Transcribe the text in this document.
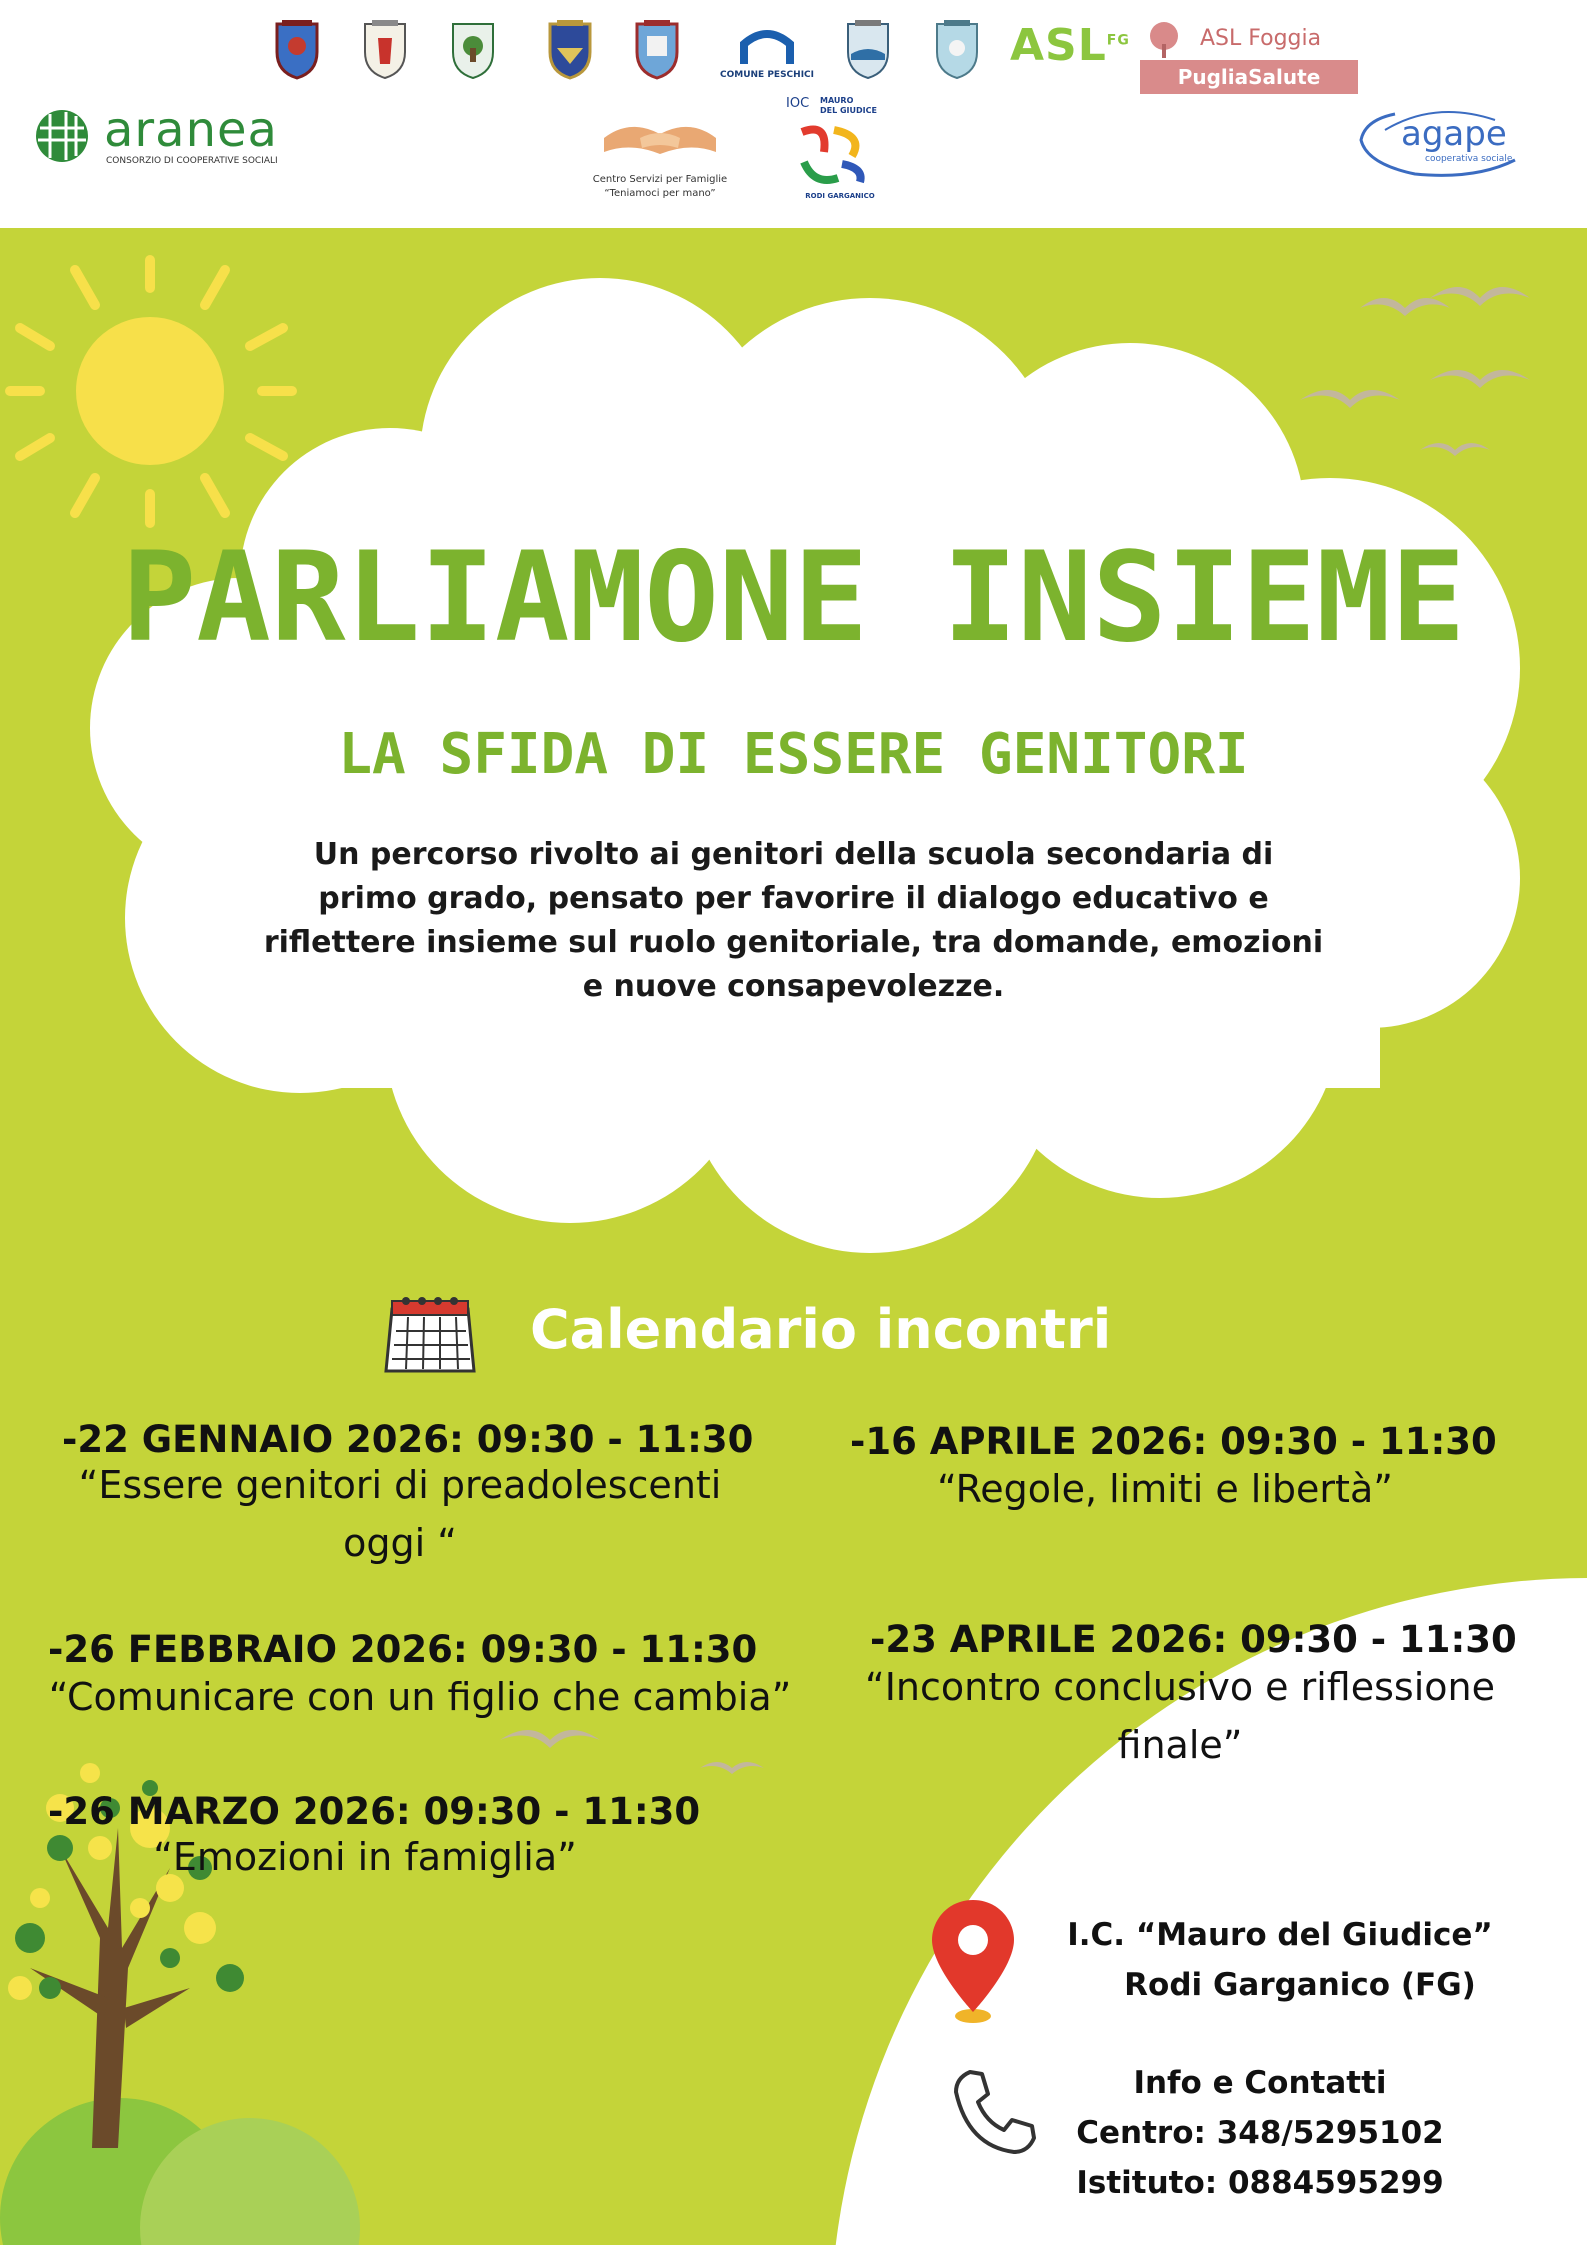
COMUNE PESCHICI
$ASL^{FG}$	ASL Foggia
PugliaSalute
aranea
CONSORZIO DI COOPERATIVE SOCIALI
Centro Servizi per Famiglie
“Teniamoci per mano”
IOC MAURO
DEL GIUDICE
RODI GARGANICO
agape
cooperativa sociale
PARLIAMONE INSIEME
LA SFIDA DI ESSERE GENITORI
Un percorso rivolto ai genitori della scuola secondaria di
primo grado, pensato per favorire il dialogo educativo e
riflettere insieme sul ruolo genitoriale, tra domande, emozioni
e nuove consapevolezze.
Calendario incontri
-22 GENNAIO 2026: 09:30 - 11:30
“Essere genitori di preadolescenti
oggi “
-26 FEBBRAIO 2026: 09:30 - 11:30
“Comunicare con un figlio che cambia”
-26 MARZO 2026: 09:30 - 11:30
“Emozioni in famiglia”
-16 APRILE 2026: 09:30 - 11:30
“Regole, limiti e libertà”
-23 APRILE 2026: 09:30 - 11:30
“Incontro conclusivo e riflessione
finale”
I.C. “Mauro del Giudice”
Rodi Garganico (FG)
Info e Contatti
Centro: 348/5295102
Istituto: 0884595299
